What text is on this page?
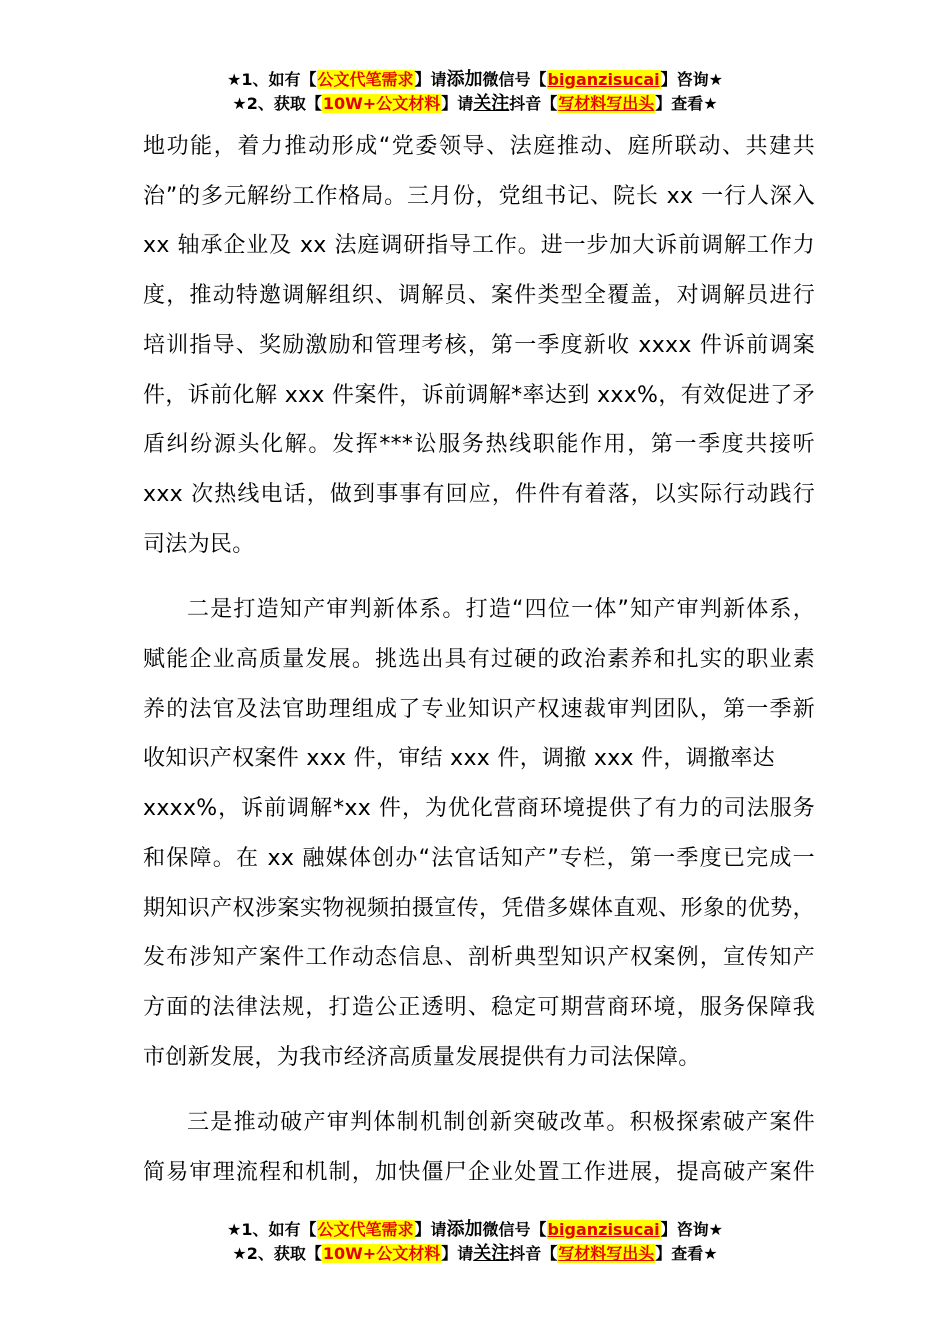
★1、如有【公文代笔需求】请添加微信号【biganzisucai】咨询★
★2、获取【10W+公文材料】请关注抖音【写材料写出头】查看★

地功能，着力推动形成“党委领导、法庭推动、庭所联动、共建共
治”的多元解纷工作格局。三月份，党组书记、院长 xx 一行人深入
xx 轴承企业及 xx 法庭调研指导工作。进一步加大诉前调解工作力
度，推动特邀调解组织、调解员、案件类型全覆盖，对调解员进行
培训指导、奖励激励和管理考核，第一季度新收 xxxx 件诉前调案
件，诉前化解 xxx 件案件，诉前调解*率达到 xxx%，有效促进了矛
盾纠纷源头化解。发挥***讼服务热线职能作用，第一季度共接听
xxx 次热线电话，做到事事有回应，件件有着落，以实际行动践行
司法为民。

二是打造知产审判新体系。打造“四位一体”知产审判新体系，
赋能企业高质量发展。挑选出具有过硬的政治素养和扎实的职业素
养的法官及法官助理组成了专业知识产权速裁审判团队，第一季新
收知识产权案件 xxx 件，审结 xxx 件，调撤 xxx 件，调撤率达
xxxx%，诉前调解*xx 件，为优化营商环境提供了有力的司法服务
和保障。在 xx 融媒体创办“法官话知产”专栏，第一季度已完成一
期知识产权涉案实物视频拍摄宣传，凭借多媒体直观、形象的优势，
发布涉知产案件工作动态信息、剖析典型知识产权案例，宣传知产
方面的法律法规，打造公正透明、稳定可期营商环境，服务保障我
市创新发展，为我市经济高质量发展提供有力司法保障。

三是推动破产审判体制机制创新突破改革。积极探索破产案件
简易审理流程和机制，加快僵尸企业处置工作进展，提高破产案件

★1、如有【公文代笔需求】请添加微信号【biganzisucai】咨询★
★2、获取【10W+公文材料】请关注抖音【写材料写出头】查看★
